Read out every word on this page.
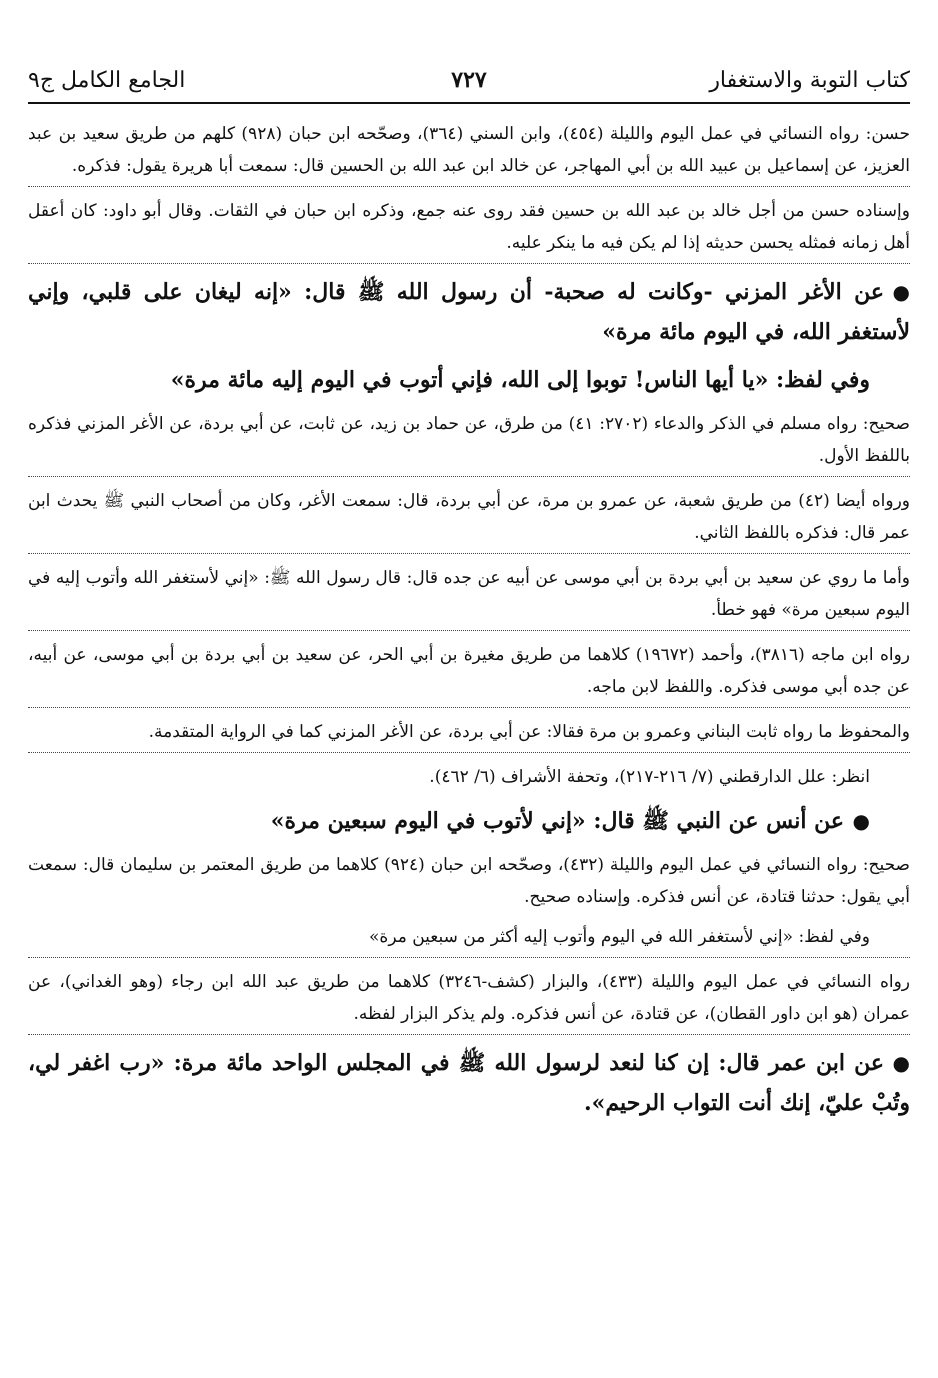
كتاب التوبة والاستغفار
٧٢٧
الجامع الكامل ج٩
حسن: رواه النسائي في عمل اليوم والليلة (٤٥٤)، وابن السني (٣٦٤)، وصحّحه ابن حبان (٩٢٨) كلهم من طريق سعيد بن عبد العزيز، عن إسماعيل بن عبيد الله بن أبي المهاجر، عن خالد ابن عبد الله بن الحسين قال: سمعت أبا هريرة يقول: فذكره.
وإسناده حسن من أجل خالد بن عبد الله بن حسين فقد روى عنه جمع، وذكره ابن حبان في الثقات. وقال أبو داود: كان أعقل أهل زمانه فمثله يحسن حديثه إذا لم يكن فيه ما ينكر عليه.
●عن الأغر المزني -وكانت له صحبة- أن رسول الله ﷺ قال: «إنه ليغان على قلبي، وإني لأستغفر الله، في اليوم مائة مرة»
وفي لفظ: «يا أيها الناس! توبوا إلى الله، فإني أتوب في اليوم إليه مائة مرة»
صحيح: رواه مسلم في الذكر والدعاء (٢٧٠٢: ٤١) من طرق، عن حماد بن زيد، عن ثابت، عن أبي بردة، عن الأغر المزني فذكره باللفظ الأول.
ورواه أيضا (٤٢) من طريق شعبة، عن عمرو بن مرة، عن أبي بردة، قال: سمعت الأغر، وكان من أصحاب النبي ﷺ يحدث ابن عمر قال: فذكره باللفظ الثاني.
وأما ما روي عن سعيد بن أبي بردة بن أبي موسى عن أبيه عن جده قال: قال رسول الله ﷺ: «إني لأستغفر الله وأتوب إليه في اليوم سبعين مرة» فهو خطأ.
رواه ابن ماجه (٣٨١٦)، وأحمد (١٩٦٧٢) كلاهما من طريق مغيرة بن أبي الحر، عن سعيد بن أبي بردة بن أبي موسى، عن أبيه، عن جده أبي موسى فذكره. واللفظ لابن ماجه.
والمحفوظ ما رواه ثابت البناني وعمرو بن مرة فقالا: عن أبي بردة، عن الأغر المزني كما في الرواية المتقدمة.
انظر: علل الدارقطني (٧/ ٢١٦-٢١٧)، وتحفة الأشراف (٦/ ٤٦٢).
●عن أنس عن النبي ﷺ قال: «إني لأتوب في اليوم سبعين مرة»
صحيح: رواه النسائي في عمل اليوم والليلة (٤٣٢)، وصحّحه ابن حبان (٩٢٤) كلاهما من طريق المعتمر بن سليمان قال: سمعت أبي يقول: حدثنا قتادة، عن أنس فذكره. وإسناده صحيح.
وفي لفظ: «إني لأستغفر الله في اليوم وأتوب إليه أكثر من سبعين مرة»
رواه النسائي في عمل اليوم والليلة (٤٣٣)، والبزار (كشف-٣٢٤٦) كلاهما من طريق عبد الله ابن رجاء (وهو الغداني)، عن عمران (هو ابن داور القطان)، عن قتادة، عن أنس فذكره. ولم يذكر البزار لفظه.
●عن ابن عمر قال: إن كنا لنعد لرسول الله ﷺ في المجلس الواحد مائة مرة: «رب اغفر لي، وتُبْ عليّ، إنك أنت التواب الرحيم».
